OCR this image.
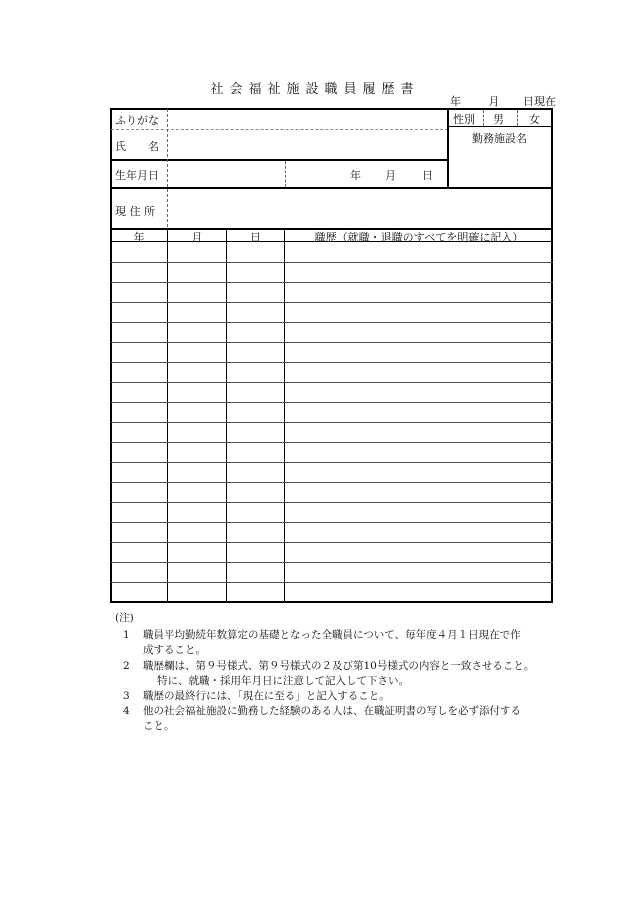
社会福祉施設職員履歴書
年	月 日現在
ふりがな
氏　　名
性別 男 女
勤務施設名
生年月日	年 月 日
現 住 所
年	月	日	職歴（就職・退職のすべてを明確に記入）
(注)
1 職員平均勤続年数算定の基礎となった全職員について、毎年度４月１日現在で作
成すること。
2 職歴欄は、第９号様式、第９号様式の２及び第10号様式の内容と一致させること。
特に、就職・採用年月日に注意して記入して下さい。
3 職歴の最終行には、「現在に至る」と記入すること。
4 他の社会福祉施設に勤務した経験のある人は、在職証明書の写しを必ず添付する
こと。
